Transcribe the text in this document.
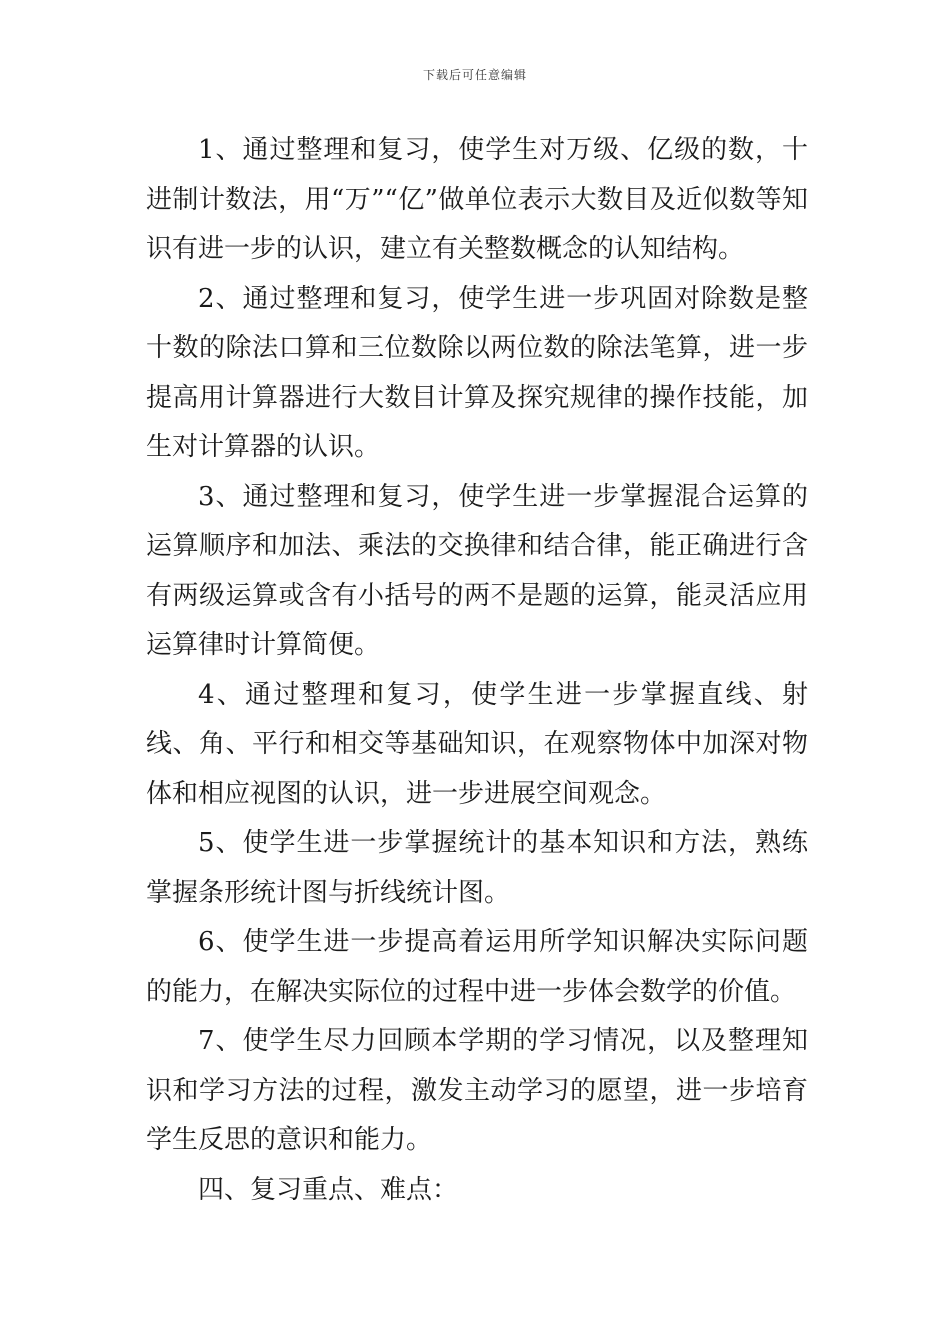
下载后可任意编辑

1、通过整理和复习，使学生对万级、亿级的数，十进制计数法，用“万”“亿”做单位表示大数目及近似数等知识有进一步的认识，建立有关整数概念的认知结构。

2、通过整理和复习，使学生进一步巩固对除数是整十数的除法口算和三位数除以两位数的除法笔算，进一步提高用计算器进行大数目计算及探究规律的操作技能，加生对计算器的认识。

3、通过整理和复习，使学生进一步掌握混合运算的运算顺序和加法、乘法的交换律和结合律，能正确进行含有两级运算或含有小括号的两不是题的运算，能灵活应用运算律时计算简便。

4、通过整理和复习，使学生进一步掌握直线、射线、角、平行和相交等基础知识，在观察物体中加深对物体和相应视图的认识，进一步进展空间观念。

5、使学生进一步掌握统计的基本知识和方法，熟练掌握条形统计图与折线统计图。

6、使学生进一步提高着运用所学知识解决实际问题的能力，在解决实际位的过程中进一步体会数学的价值。

7、使学生尽力回顾本学期的学习情况，以及整理知识和学习方法的过程，激发主动学习的愿望，进一步培育学生反思的意识和能力。

四、复习重点、难点：
